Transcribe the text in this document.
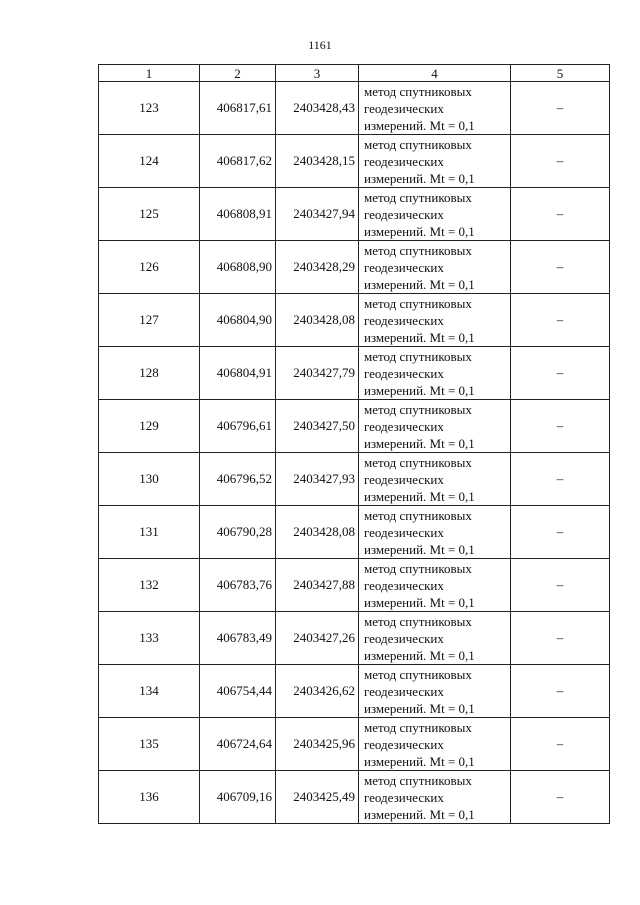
1161
1	2	3	4	5
123	406817,61	2403428,43	метод спутниковых
геодезических
измерений. Mt = 0,1	–
124	406817,62	2403428,15	метод спутниковых
геодезических
измерений. Mt = 0,1	–
125	406808,91	2403427,94	метод спутниковых
геодезических
измерений. Mt = 0,1	–
126	406808,90	2403428,29	метод спутниковых
геодезических
измерений. Mt = 0,1	–
127	406804,90	2403428,08	метод спутниковых
геодезических
измерений. Mt = 0,1	–
128	406804,91	2403427,79	метод спутниковых
геодезических
измерений. Mt = 0,1	–
129	406796,61	2403427,50	метод спутниковых
геодезических
измерений. Mt = 0,1	–
130	406796,52	2403427,93	метод спутниковых
геодезических
измерений. Mt = 0,1	–
131	406790,28	2403428,08	метод спутниковых
геодезических
измерений. Mt = 0,1	–
132	406783,76	2403427,88	метод спутниковых
геодезических
измерений. Mt = 0,1	–
133	406783,49	2403427,26	метод спутниковых
геодезических
измерений. Mt = 0,1	–
134	406754,44	2403426,62	метод спутниковых
геодезических
измерений. Mt = 0,1	–
135	406724,64	2403425,96	метод спутниковых
геодезических
измерений. Mt = 0,1	–
136	406709,16	2403425,49	метод спутниковых
геодезических
измерений. Mt = 0,1	–
